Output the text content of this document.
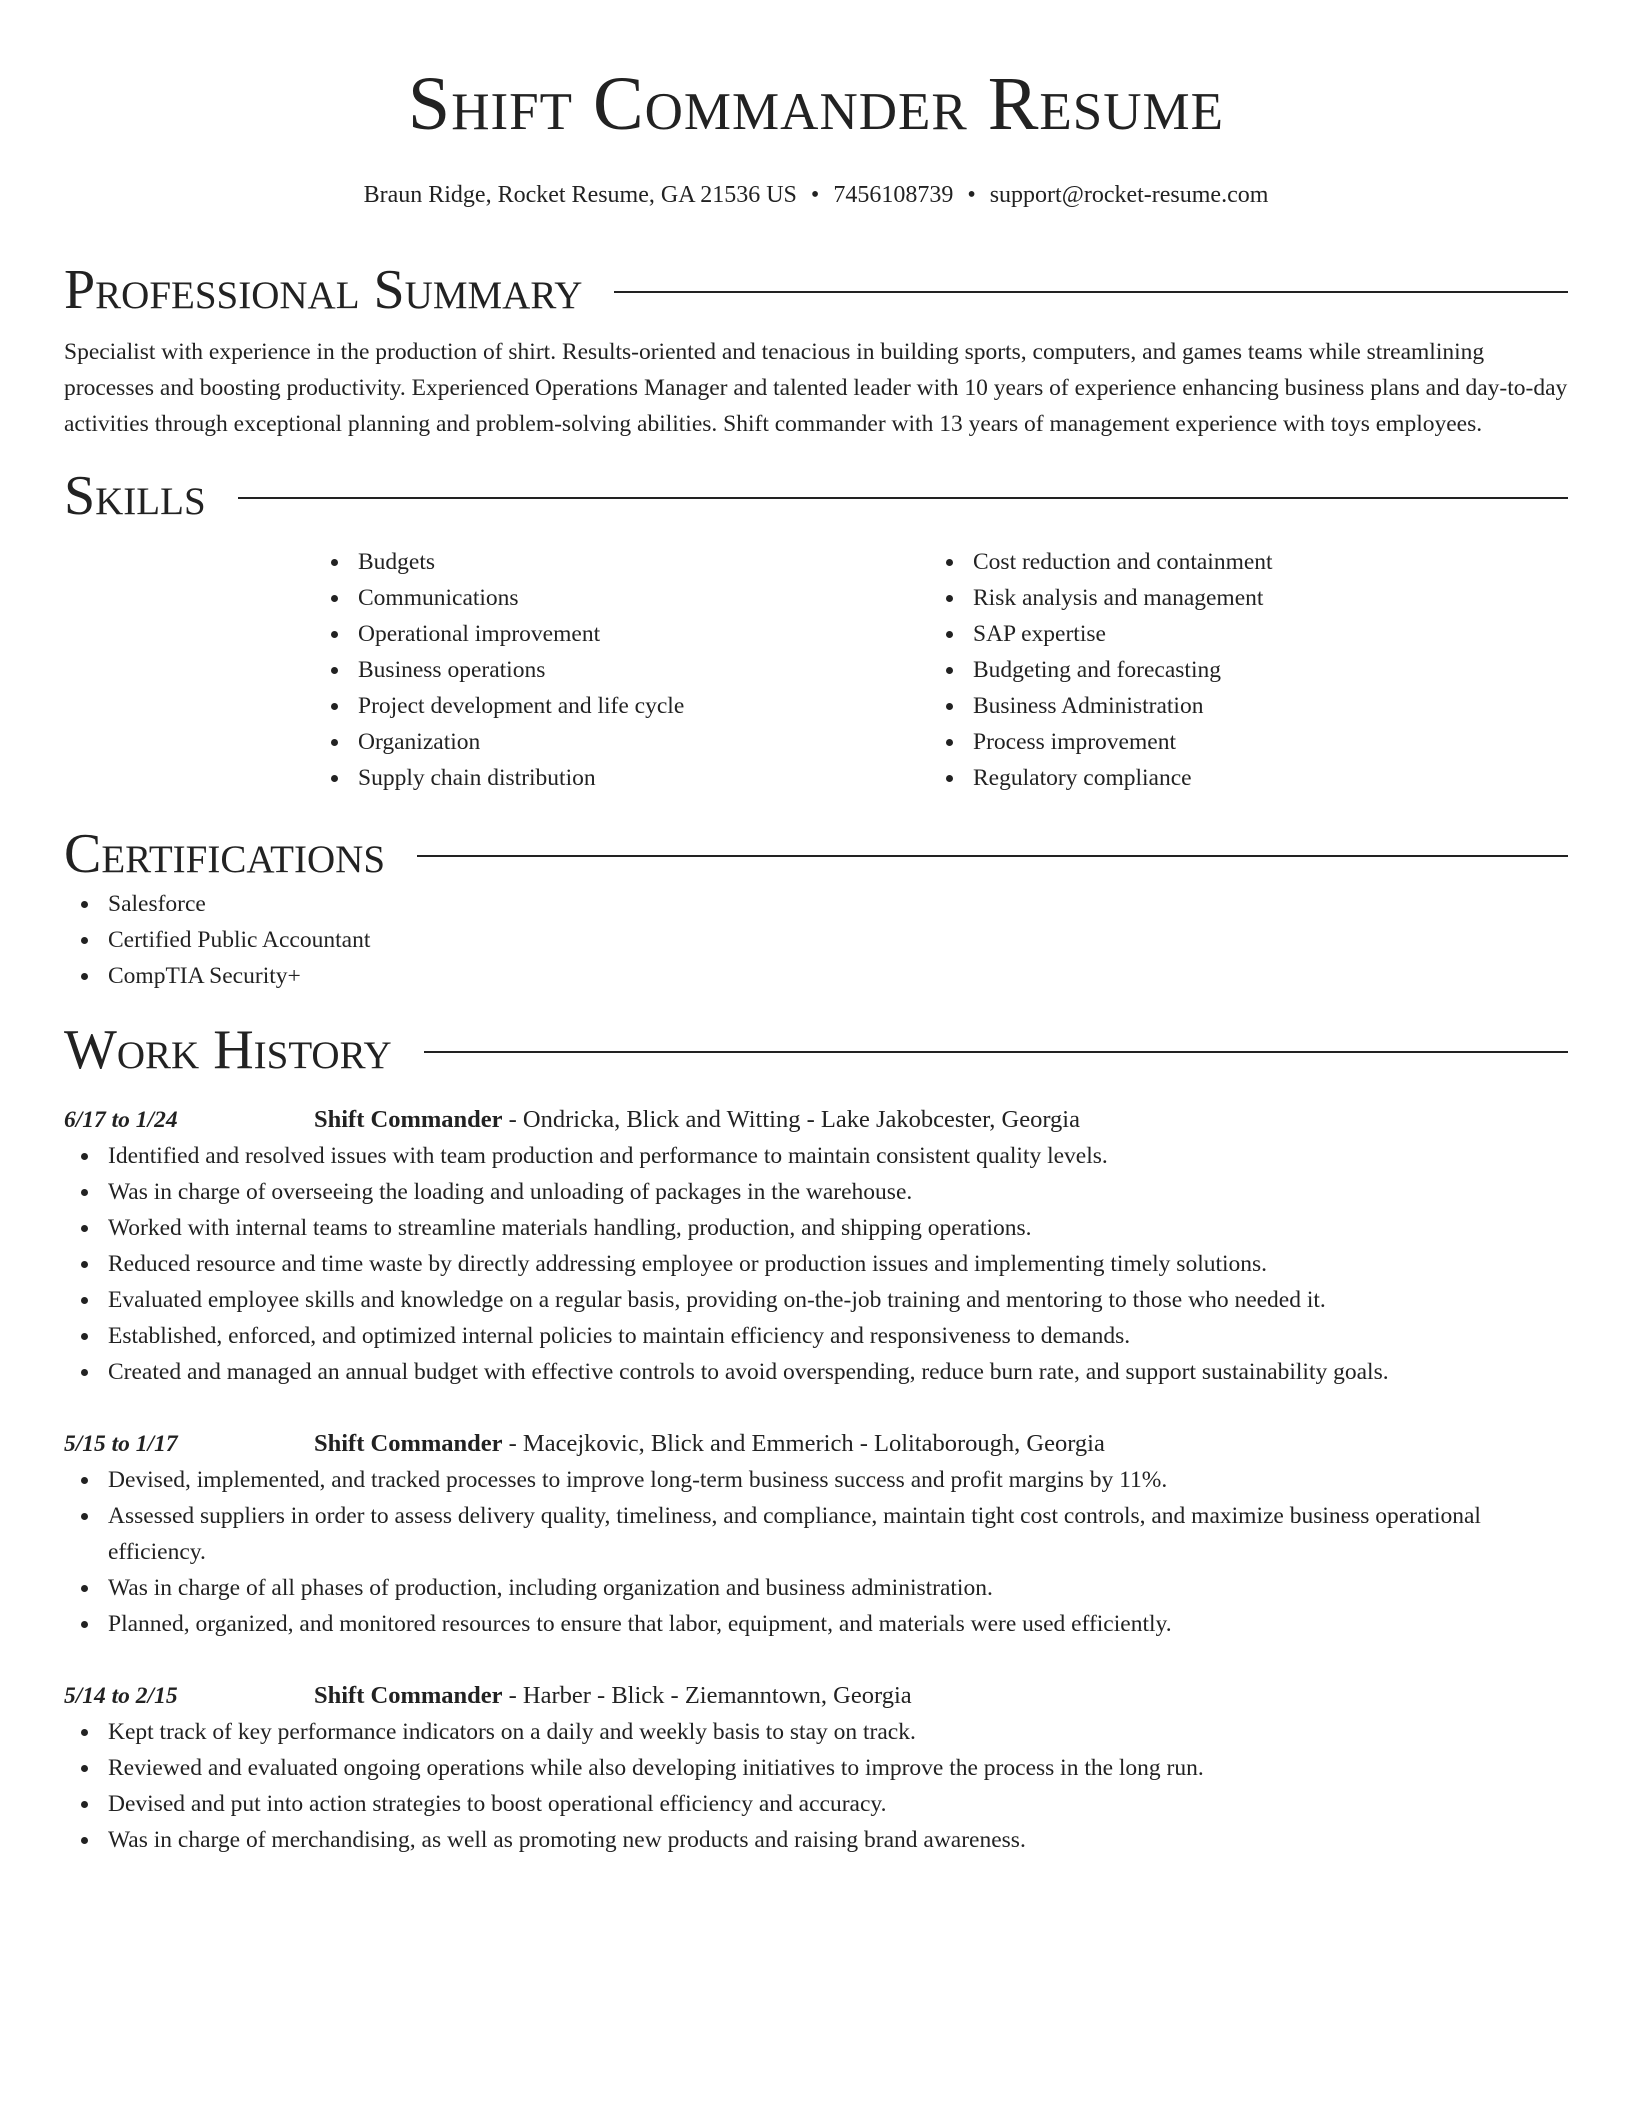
Shift Commander Resume
Braun Ridge, Rocket Resume, GA 21536 US • 7456108739 • support@rocket-resume.com
Professional Summary

Specialist with experience in the production of shirt. Results-oriented and tenacious in building sports, computers, and games teams while streamlining processes and boosting productivity. Experienced Operations Manager and talented leader with 10 years of experience enhancing business plans and day-to-day activities through exceptional planning and problem-solving abilities. Shift commander with 13 years of management experience with toys employees.

Skills
Budgets
Communications
Operational improvement
Business operations
Project development and life cycle
Organization
Supply chain distribution
Cost reduction and containment
Risk analysis and management
SAP expertise
Budgeting and forecasting
Business Administration
Process improvement
Regulatory compliance
Certifications
Salesforce
Certified Public Accountant
CompTIA Security+
Work History
6/17 to 1/24	Shift Commander - Ondricka, Blick and Witting - Lake Jakobcester, Georgia
Identified and resolved issues with team production and performance to maintain consistent quality levels.
Was in charge of overseeing the loading and unloading of packages in the warehouse.
Worked with internal teams to streamline materials handling, production, and shipping operations.
Reduced resource and time waste by directly addressing employee or production issues and implementing timely solutions.
Evaluated employee skills and knowledge on a regular basis, providing on-the-job training and mentoring to those who needed it.
Established, enforced, and optimized internal policies to maintain efficiency and responsiveness to demands.
Created and managed an annual budget with effective controls to avoid overspending, reduce burn rate, and support sustainability goals.
5/15 to 1/17	Shift Commander - Macejkovic, Blick and Emmerich - Lolitaborough, Georgia
Devised, implemented, and tracked processes to improve long-term business success and profit margins by 11%.
Assessed suppliers in order to assess delivery quality, timeliness, and compliance, maintain tight cost controls, and maximize business operational efficiency.
Was in charge of all phases of production, including organization and business administration.
Planned, organized, and monitored resources to ensure that labor, equipment, and materials were used efficiently.
5/14 to 2/15	Shift Commander - Harber - Blick - Ziemanntown, Georgia
Kept track of key performance indicators on a daily and weekly basis to stay on track.
Reviewed and evaluated ongoing operations while also developing initiatives to improve the process in the long run.
Devised and put into action strategies to boost operational efficiency and accuracy.
Was in charge of merchandising, as well as promoting new products and raising brand awareness.
